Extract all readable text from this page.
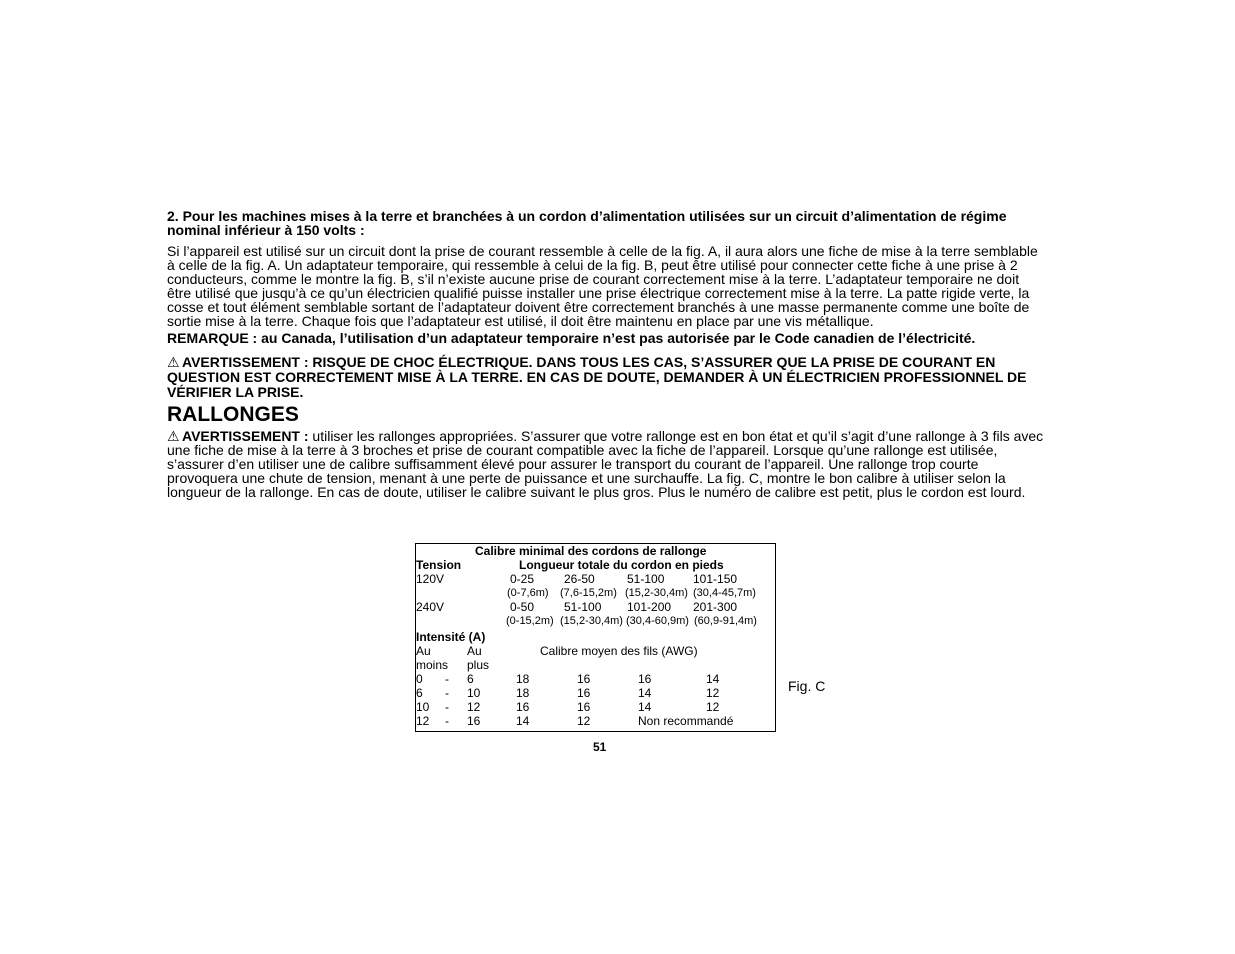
2. Pour les machines mises à la terre et branchées à un cordon d’alimentation utilisées sur un circuit d’alimentation de régime nominal inférieur à 150 volts :

Si l’appareil est utilisé sur un circuit dont la prise de courant ressemble à celle de la fig. A, il aura alors une fiche de mise à la terre semblable à celle de la fig. A. Un adaptateur temporaire, qui ressemble à celui de la fig. B, peut être utilisé pour connecter cette fiche à une prise à 2 conducteurs, comme le montre la fig. B, s’il n’existe aucune prise de courant correctement mise à la terre. L’adaptateur temporaire ne doit être utilisé que jusqu’à ce qu’un électricien qualifié puisse installer une prise électrique correctement mise à la terre. La patte rigide verte, la cosse et tout élément semblable sortant de l’adaptateur doivent être correctement branchés à une masse permanente comme une boîte de sortie mise à la terre. Chaque fois que l’adaptateur est utilisé, il doit être maintenu en place par une vis métallique.

REMARQUE : au Canada, l’utilisation d’un adaptateur temporaire n’est pas autorisée par le Code canadien de l’électricité.

⚠ AVERTISSEMENT : RISQUE DE CHOC ÉLECTRIQUE. DANS TOUS LES CAS, S’ASSURER QUE LA PRISE DE COURANT EN QUESTION EST CORRECTEMENT MISE À LA TERRE. EN CAS DE DOUTE, DEMANDER À UN ÉLECTRICIEN PROFESSIONNEL DE VÉRIFIER LA PRISE.

RALLONGES

⚠ AVERTISSEMENT : utiliser les rallonges appropriées. S’assurer que votre rallonge est en bon état et qu’il s’agit d’une rallonge à 3 fils avec une fiche de mise à la terre à 3 broches et prise de courant compatible avec la fiche de l’appareil. Lorsque qu’une rallonge est utilisée, s’assurer d’en utiliser une de calibre suffisamment élevé pour assurer le transport du courant de l’appareil. Une rallonge trop courte provoquera une chute de tension, menant à une perte de puissance et une surchauffe. La fig. C, montre le bon calibre à utiliser selon la longueur de la rallonge. En cas de doute, utiliser le calibre suivant le plus gros. Plus le numéro de calibre est petit, plus le cordon est lourd.

Calibre minimal des cordons de rallonge
Tension	Longueur totale du cordon en pieds
120V	0-25 26-50	51-100 101-150
(0-7,6m) (7,6-15,2m) (15,2-30,4m) (30,4-45,7m)
240V	0-50 51-100 101-200 201-300
(0-15,2m) (15,2-30,4m) (30,4-60,9m) (60,9-91,4m)
Intensité (A)
Au	Au	Calibre moyen des fils (AWG)
moins plus
0 - 6	18	16	16	14
6 - 10	18	16	14	12
10 - 12	16	16	14	12
12 - 16	14	12	Non recommandé
Fig. C
51
